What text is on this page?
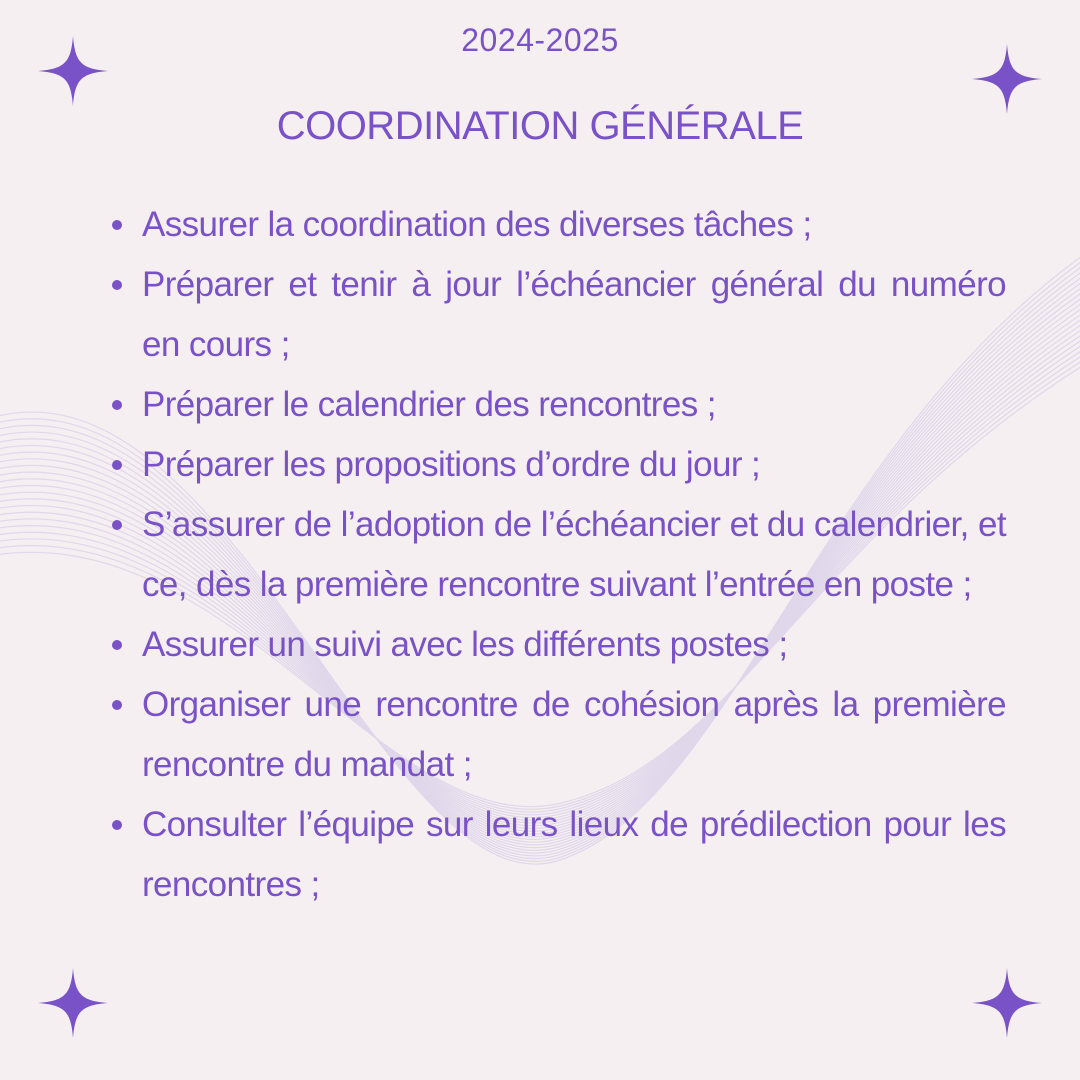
2024-2025
COORDINATION GÉNÉRALE
Assurer la coordination des diverses tâches ;
Préparer et tenir à jour l’échéancier général du numéro en cours ;
Préparer le calendrier des rencontres ;
Préparer les propositions d’ordre du jour ;
S’assurer de l’adoption de l’échéancier et du calendrier, et ce, dès la première rencontre suivant l’entrée en poste ;
Assurer un suivi avec les différents postes ;
Organiser une rencontre de cohésion après la première rencontre du mandat ;
Consulter l’équipe sur leurs lieux de prédilection pour les rencontres ;
